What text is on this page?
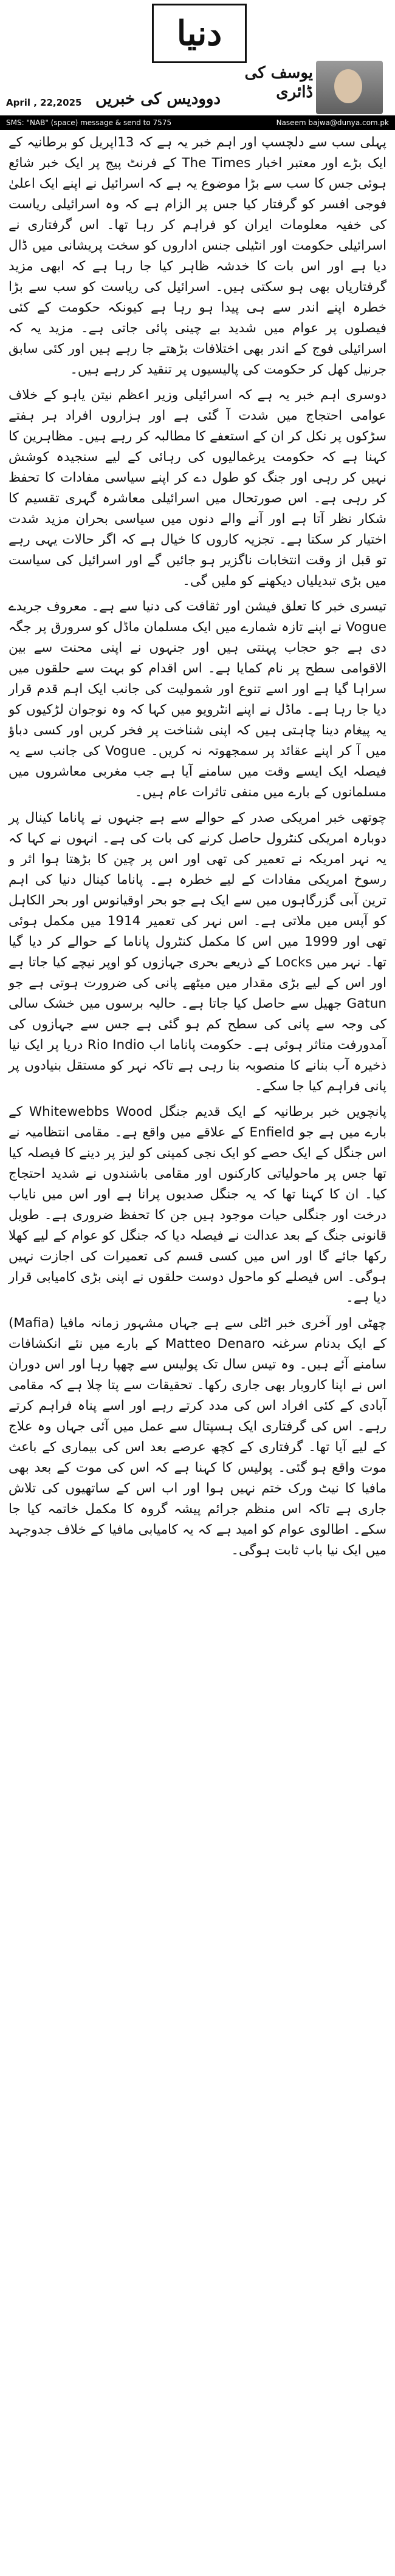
دنیا
یوسف کی ڈائری
دوودیس کی خبریں
April , 22,2025
SMS: "NAB" (space) message & send to 7575	Naseem bajwa@dunya.com.pk

پہلی سب سے دلچسپ اور اہم خبر یہ ہے کہ 13اپریل کو برطانیہ کے ایک بڑے اور معتبر اخبار The Times کے فرنٹ پیج پر ایک خبر شائع ہوئی جس کا سب سے بڑا موضوع یہ ہے کہ اسرائیل نے اپنے ایک اعلیٰ فوجی افسر کو گرفتار کیا جس پر الزام ہے کہ وہ اسرائیلی ریاست کی خفیہ معلومات ایران کو فراہم کر رہا تھا۔ اس گرفتاری نے اسرائیلی حکومت اور انٹیلی جنس اداروں کو سخت پریشانی میں ڈال دیا ہے اور اس بات کا خدشہ ظاہر کیا جا رہا ہے کہ ابھی مزید گرفتاریاں بھی ہو سکتی ہیں۔ اسرائیل کی ریاست کو سب سے بڑا خطرہ اپنے اندر سے ہی پیدا ہو رہا ہے کیونکہ حکومت کے کئی فیصلوں پر عوام میں شدید بے چینی پائی جاتی ہے۔ مزید یہ کہ اسرائیلی فوج کے اندر بھی اختلافات بڑھتے جا رہے ہیں اور کئی سابق جرنیل کھل کر حکومت کی پالیسیوں پر تنقید کر رہے ہیں۔

دوسری اہم خبر یہ ہے کہ اسرائیلی وزیر اعظم نیتن یاہو کے خلاف عوامی احتجاج میں شدت آ گئی ہے اور ہزاروں افراد ہر ہفتے سڑکوں پر نکل کر ان کے استعفے کا مطالبہ کر رہے ہیں۔ مظاہرین کا کہنا ہے کہ حکومت یرغمالیوں کی رہائی کے لیے سنجیدہ کوشش نہیں کر رہی اور جنگ کو طول دے کر اپنے سیاسی مفادات کا تحفظ کر رہی ہے۔ اس صورتحال میں اسرائیلی معاشرہ گہری تقسیم کا شکار نظر آتا ہے اور آنے والے دنوں میں سیاسی بحران مزید شدت اختیار کر سکتا ہے۔ تجزیہ کاروں کا خیال ہے کہ اگر حالات یہی رہے تو قبل از وقت انتخابات ناگزیر ہو جائیں گے اور اسرائیل کی سیاست میں بڑی تبدیلیاں دیکھنے کو ملیں گی۔

تیسری خبر کا تعلق فیشن اور ثقافت کی دنیا سے ہے۔ معروف جریدے Vogue نے اپنے تازہ شمارے میں ایک مسلمان ماڈل کو سرورق پر جگہ دی ہے جو حجاب پہنتی ہیں اور جنہوں نے اپنی محنت سے بین الاقوامی سطح پر نام کمایا ہے۔ اس اقدام کو بہت سے حلقوں میں سراہا گیا ہے اور اسے تنوع اور شمولیت کی جانب ایک اہم قدم قرار دیا جا رہا ہے۔ ماڈل نے اپنے انٹرویو میں کہا کہ وہ نوجوان لڑکیوں کو یہ پیغام دینا چاہتی ہیں کہ اپنی شناخت پر فخر کریں اور کسی دباؤ میں آ کر اپنے عقائد پر سمجھوتہ نہ کریں۔ Vogue کی جانب سے یہ فیصلہ ایک ایسے وقت میں سامنے آیا ہے جب مغربی معاشروں میں مسلمانوں کے بارے میں منفی تاثرات عام ہیں۔

چوتھی خبر امریکی صدر کے حوالے سے ہے جنہوں نے پاناما کینال پر دوبارہ امریکی کنٹرول حاصل کرنے کی بات کی ہے۔ انہوں نے کہا کہ یہ نہر امریکہ نے تعمیر کی تھی اور اس پر چین کا بڑھتا ہوا اثر و رسوخ امریکی مفادات کے لیے خطرہ ہے۔ پاناما کینال دنیا کی اہم ترین آبی گزرگاہوں میں سے ایک ہے جو بحر اوقیانوس اور بحر الکاہل کو آپس میں ملاتی ہے۔ اس نہر کی تعمیر 1914 میں مکمل ہوئی تھی اور 1999 میں اس کا مکمل کنٹرول پاناما کے حوالے کر دیا گیا تھا۔ نہر میں Locks کے ذریعے بحری جہازوں کو اوپر نیچے کیا جاتا ہے اور اس کے لیے بڑی مقدار میں میٹھے پانی کی ضرورت ہوتی ہے جو Gatun جھیل سے حاصل کیا جاتا ہے۔ حالیہ برسوں میں خشک سالی کی وجہ سے پانی کی سطح کم ہو گئی ہے جس سے جہازوں کی آمدورفت متاثر ہوئی ہے۔ حکومت پاناما اب Rio Indio دریا پر ایک نیا ذخیرہ آب بنانے کا منصوبہ بنا رہی ہے تاکہ نہر کو مستقل بنیادوں پر پانی فراہم کیا جا سکے۔

پانچویں خبر برطانیہ کے ایک قدیم جنگل Whitewebbs Wood کے بارے میں ہے جو Enfield کے علاقے میں واقع ہے۔ مقامی انتظامیہ نے اس جنگل کے ایک حصے کو ایک نجی کمپنی کو لیز پر دینے کا فیصلہ کیا تھا جس پر ماحولیاتی کارکنوں اور مقامی باشندوں نے شدید احتجاج کیا۔ ان کا کہنا تھا کہ یہ جنگل صدیوں پرانا ہے اور اس میں نایاب درخت اور جنگلی حیات موجود ہیں جن کا تحفظ ضروری ہے۔ طویل قانونی جنگ کے بعد عدالت نے فیصلہ دیا کہ جنگل کو عوام کے لیے کھلا رکھا جائے گا اور اس میں کسی قسم کی تعمیرات کی اجازت نہیں ہوگی۔ اس فیصلے کو ماحول دوست حلقوں نے اپنی بڑی کامیابی قرار دیا ہے۔

چھٹی اور آخری خبر اٹلی سے ہے جہاں مشہور زمانہ مافیا (Mafia) کے ایک بدنام سرغنہ Matteo Denaro کے بارے میں نئے انکشافات سامنے آئے ہیں۔ وہ تیس سال تک پولیس سے چھپا رہا اور اس دوران اس نے اپنا کاروبار بھی جاری رکھا۔ تحقیقات سے پتا چلا ہے کہ مقامی آبادی کے کئی افراد اس کی مدد کرتے رہے اور اسے پناہ فراہم کرتے رہے۔ اس کی گرفتاری ایک ہسپتال سے عمل میں آئی جہاں وہ علاج کے لیے آیا تھا۔ گرفتاری کے کچھ عرصے بعد اس کی بیماری کے باعث موت واقع ہو گئی۔ پولیس کا کہنا ہے کہ اس کی موت کے بعد بھی مافیا کا نیٹ ورک ختم نہیں ہوا اور اب اس کے ساتھیوں کی تلاش جاری ہے تاکہ اس منظم جرائم پیشہ گروہ کا مکمل خاتمہ کیا جا سکے۔ اطالوی عوام کو امید ہے کہ یہ کامیابی مافیا کے خلاف جدوجہد میں ایک نیا باب ثابت ہوگی۔
